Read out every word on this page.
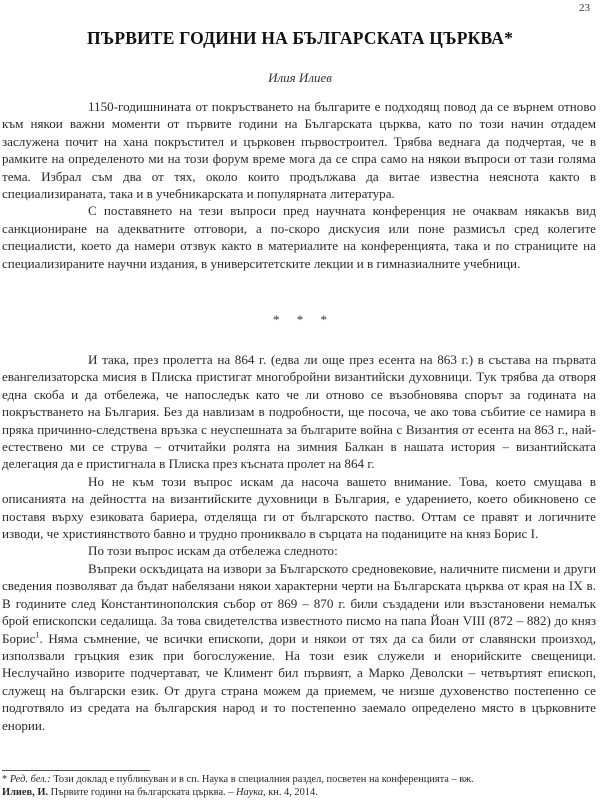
23
ПЪРВИТЕ ГОДИНИ НА БЪЛГАРСКАТА ЦЪРКВА*
Илия Илиев

1150-годишнината от покръстването на българите е подходящ повод да се върнем отново към някои важни моменти от първите години на Българската църква, като по този начин отдадем заслужена почит на хана покръстител и църковен първостроител. Трябва веднага да подчертая, че в рамките на определеното ми на този форум време мога да се спра само на някои въпроси от тази голяма тема. Избрал съм два от тях, около които продължава да витае известна неяснота както в специализираната, така и в учебникарската и популярната литература.

С поставянето на тези въпроси пред научната конференция не очаквам някакъв вид санкциониране на адекватните отговори, а по-скоро дискусия или поне размисъл сред колегите специалисти, което да намери отзвук както в материалите на конференцията, така и по страниците на специализираните научни издания, в университетските лекции и в гимназиалните учебници.

* * *

И така, през пролетта на 864 г. (едва ли още през есента на 863 г.) в състава на първата евангелизаторска мисия в Плиска пристигат многобройни византийски духовници. Тук трябва да отворя една скоба и да отбележа, че напоследък като че ли отново се възобновява спорът за годината на покръстването на България. Без да навлизам в подробности, ще посоча, че ако това събитие се намира в пряка причинно-следствена връзка с неуспешната за българите война с Византия от есента на 863 г., най-естествено ми се струва – отчитайки ролята на зимния Балкан в нашата история – византийската делегация да е пристигнала в Плиска през късната пролет на 864 г.

Но не към този въпрос искам да насоча вашето внимание. Това, което смущава в описанията на дейността на византийските духовници в България, е ударението, което обикновено се поставя върху езиковата бариера, отделяща ги от българското паство. Оттам се правят и логичните изводи, че християнството бавно и трудно прониквало в сърцата на поданиците на княз Борис I.

По този въпрос искам да отбележа следното:

Въпреки оскъдицата на извори за Българското средновековие, наличните писмени и други сведения позволяват да бъдат набелязани някои характерни черти на Българската църква от края на IX в. В годините след Константинополския събор от 869 – 870 г. били създадени или възстановени немалък брой епископски седалища. За това свидетелства известното писмо на папа Йоан VIII (872 – 882) до княз Борис$^1$. Няма съмнение, че всички епископи, дори и някои от тях да са били от славянски произход, използвали гръцкия език при богослужение. На този език служели и енорийските свещеници. Неслучайно изворите подчертават, че Климент бил първият, а Марко Деволски – четвъртият епископ, служещ на български език. От друга страна можем да приемем, че низше духовенство постепенно се подготвяло из средата на българския народ и то постепенно заемало определено място в църковните енории.

* Ред. бел.: Този доклад е публикуван и в сп. Наука в специалния раздел, посветен на конференцията – вж.
Илиев, И. Първите години на българската църква. – Наука, кн. 4, 2014.
